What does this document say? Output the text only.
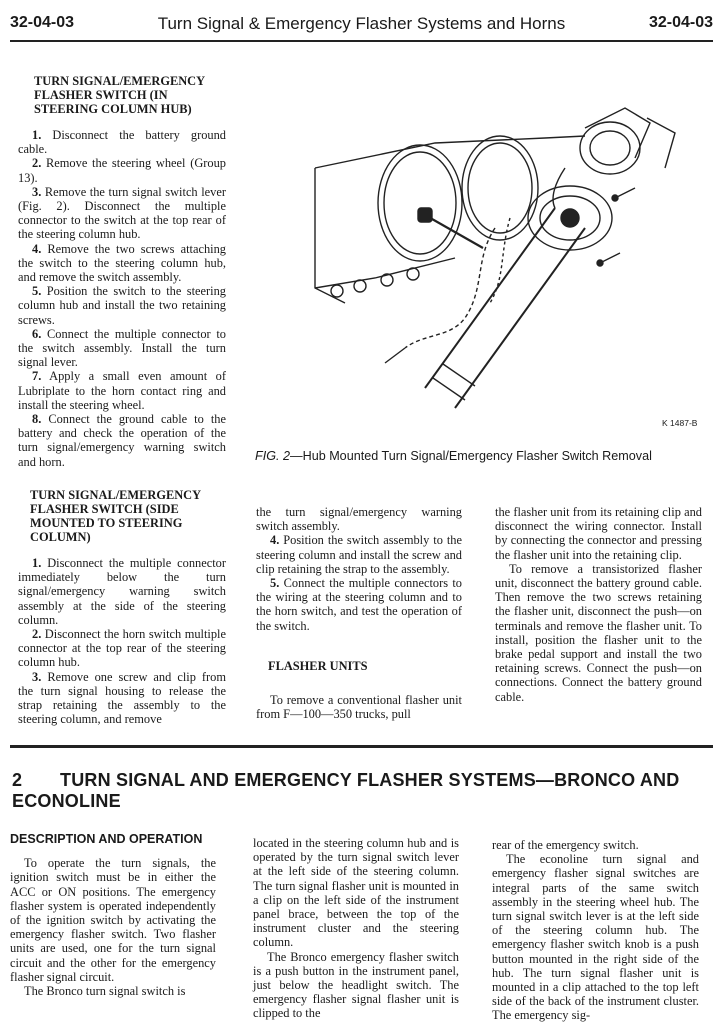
32-04-03	Turn Signal & Emergency Flasher Systems and Horns	32-04-03
TURN SIGNAL/EMERGENCY FLASHER SWITCH (IN STEERING COLUMN HUB)

1. Disconnect the battery ground cable.

2. Remove the steering wheel (Group 13).

3. Remove the turn signal switch lever (Fig. 2). Disconnect the multiple connector to the switch at the top rear of the steering column hub.

4. Remove the two screws attaching the switch to the steering column hub, and remove the switch assembly.

5. Position the switch to the steering column hub and install the two retaining screws.

6. Connect the multiple connector to the switch assembly. Install the turn signal lever.

7. Apply a small even amount of Lubriplate to the horn contact ring and install the steering wheel.

8. Connect the ground cable to the battery and check the operation of the turn signal/emergency warning switch and horn.

K 1487-B
FIG. 2—Hub Mounted Turn Signal/Emergency Flasher Switch Removal
TURN SIGNAL/EMERGENCY FLASHER SWITCH (SIDE MOUNTED TO STEERING COLUMN)

1. Disconnect the multiple connector immediately below the turn signal/emergency warning switch assembly at the side of the steering column.

2. Disconnect the horn switch multiple connector at the top rear of the steering column hub.

3. Remove one screw and clip from the turn signal housing to release the strap retaining the assembly to the steering column, and remove

the turn signal/emergency warning switch assembly.

4. Position the switch assembly to the steering column and install the screw and clip retaining the strap to the assembly.

5. Connect the multiple connectors to the wiring at the steering column and to the horn switch, and test the operation of the switch.

FLASHER UNITS

To remove a conventional flasher unit from F—100—350 trucks, pull

the flasher unit from its retaining clip and disconnect the wiring connector. Install by connecting the connector and pressing the flasher unit into the retaining clip.

To remove a transistorized flasher unit, disconnect the battery ground cable. Then remove the two screws retaining the flasher unit, disconnect the push—on terminals and remove the flasher unit. To install, position the flasher unit to the brake pedal support and install the two retaining screws. Connect the push—on connections. Connect the battery ground cable.

2 TURN SIGNAL AND EMERGENCY FLASHER SYSTEMS—BRONCO AND ECONOLINE
DESCRIPTION AND OPERATION

To operate the turn signals, the ignition switch must be in either the ACC or ON positions. The emergency flasher system is operated independently of the ignition switch by activating the emergency flasher switch. Two flasher units are used, one for the turn signal circuit and the other for the emergency flasher signal circuit.

The Bronco turn signal switch is

located in the steering column hub and is operated by the turn signal switch lever at the left side of the steering column. The turn signal flasher unit is mounted in a clip on the left side of the instrument panel brace, between the top of the instrument cluster and the steering column.

The Bronco emergency flasher switch is a push button in the instrument panel, just below the headlight switch. The emergency flasher signal flasher unit is clipped to the

rear of the emergency switch.

The econoline turn signal and emergency flasher signal switches are integral parts of the same switch assembly in the steering wheel hub. The turn signal switch lever is at the left side of the steering column hub. The emergency flasher switch knob is a push button mounted in the right side of the hub. The turn signal flasher unit is mounted in a clip attached to the top left side of the back of the instrument cluster. The emergency sig-
